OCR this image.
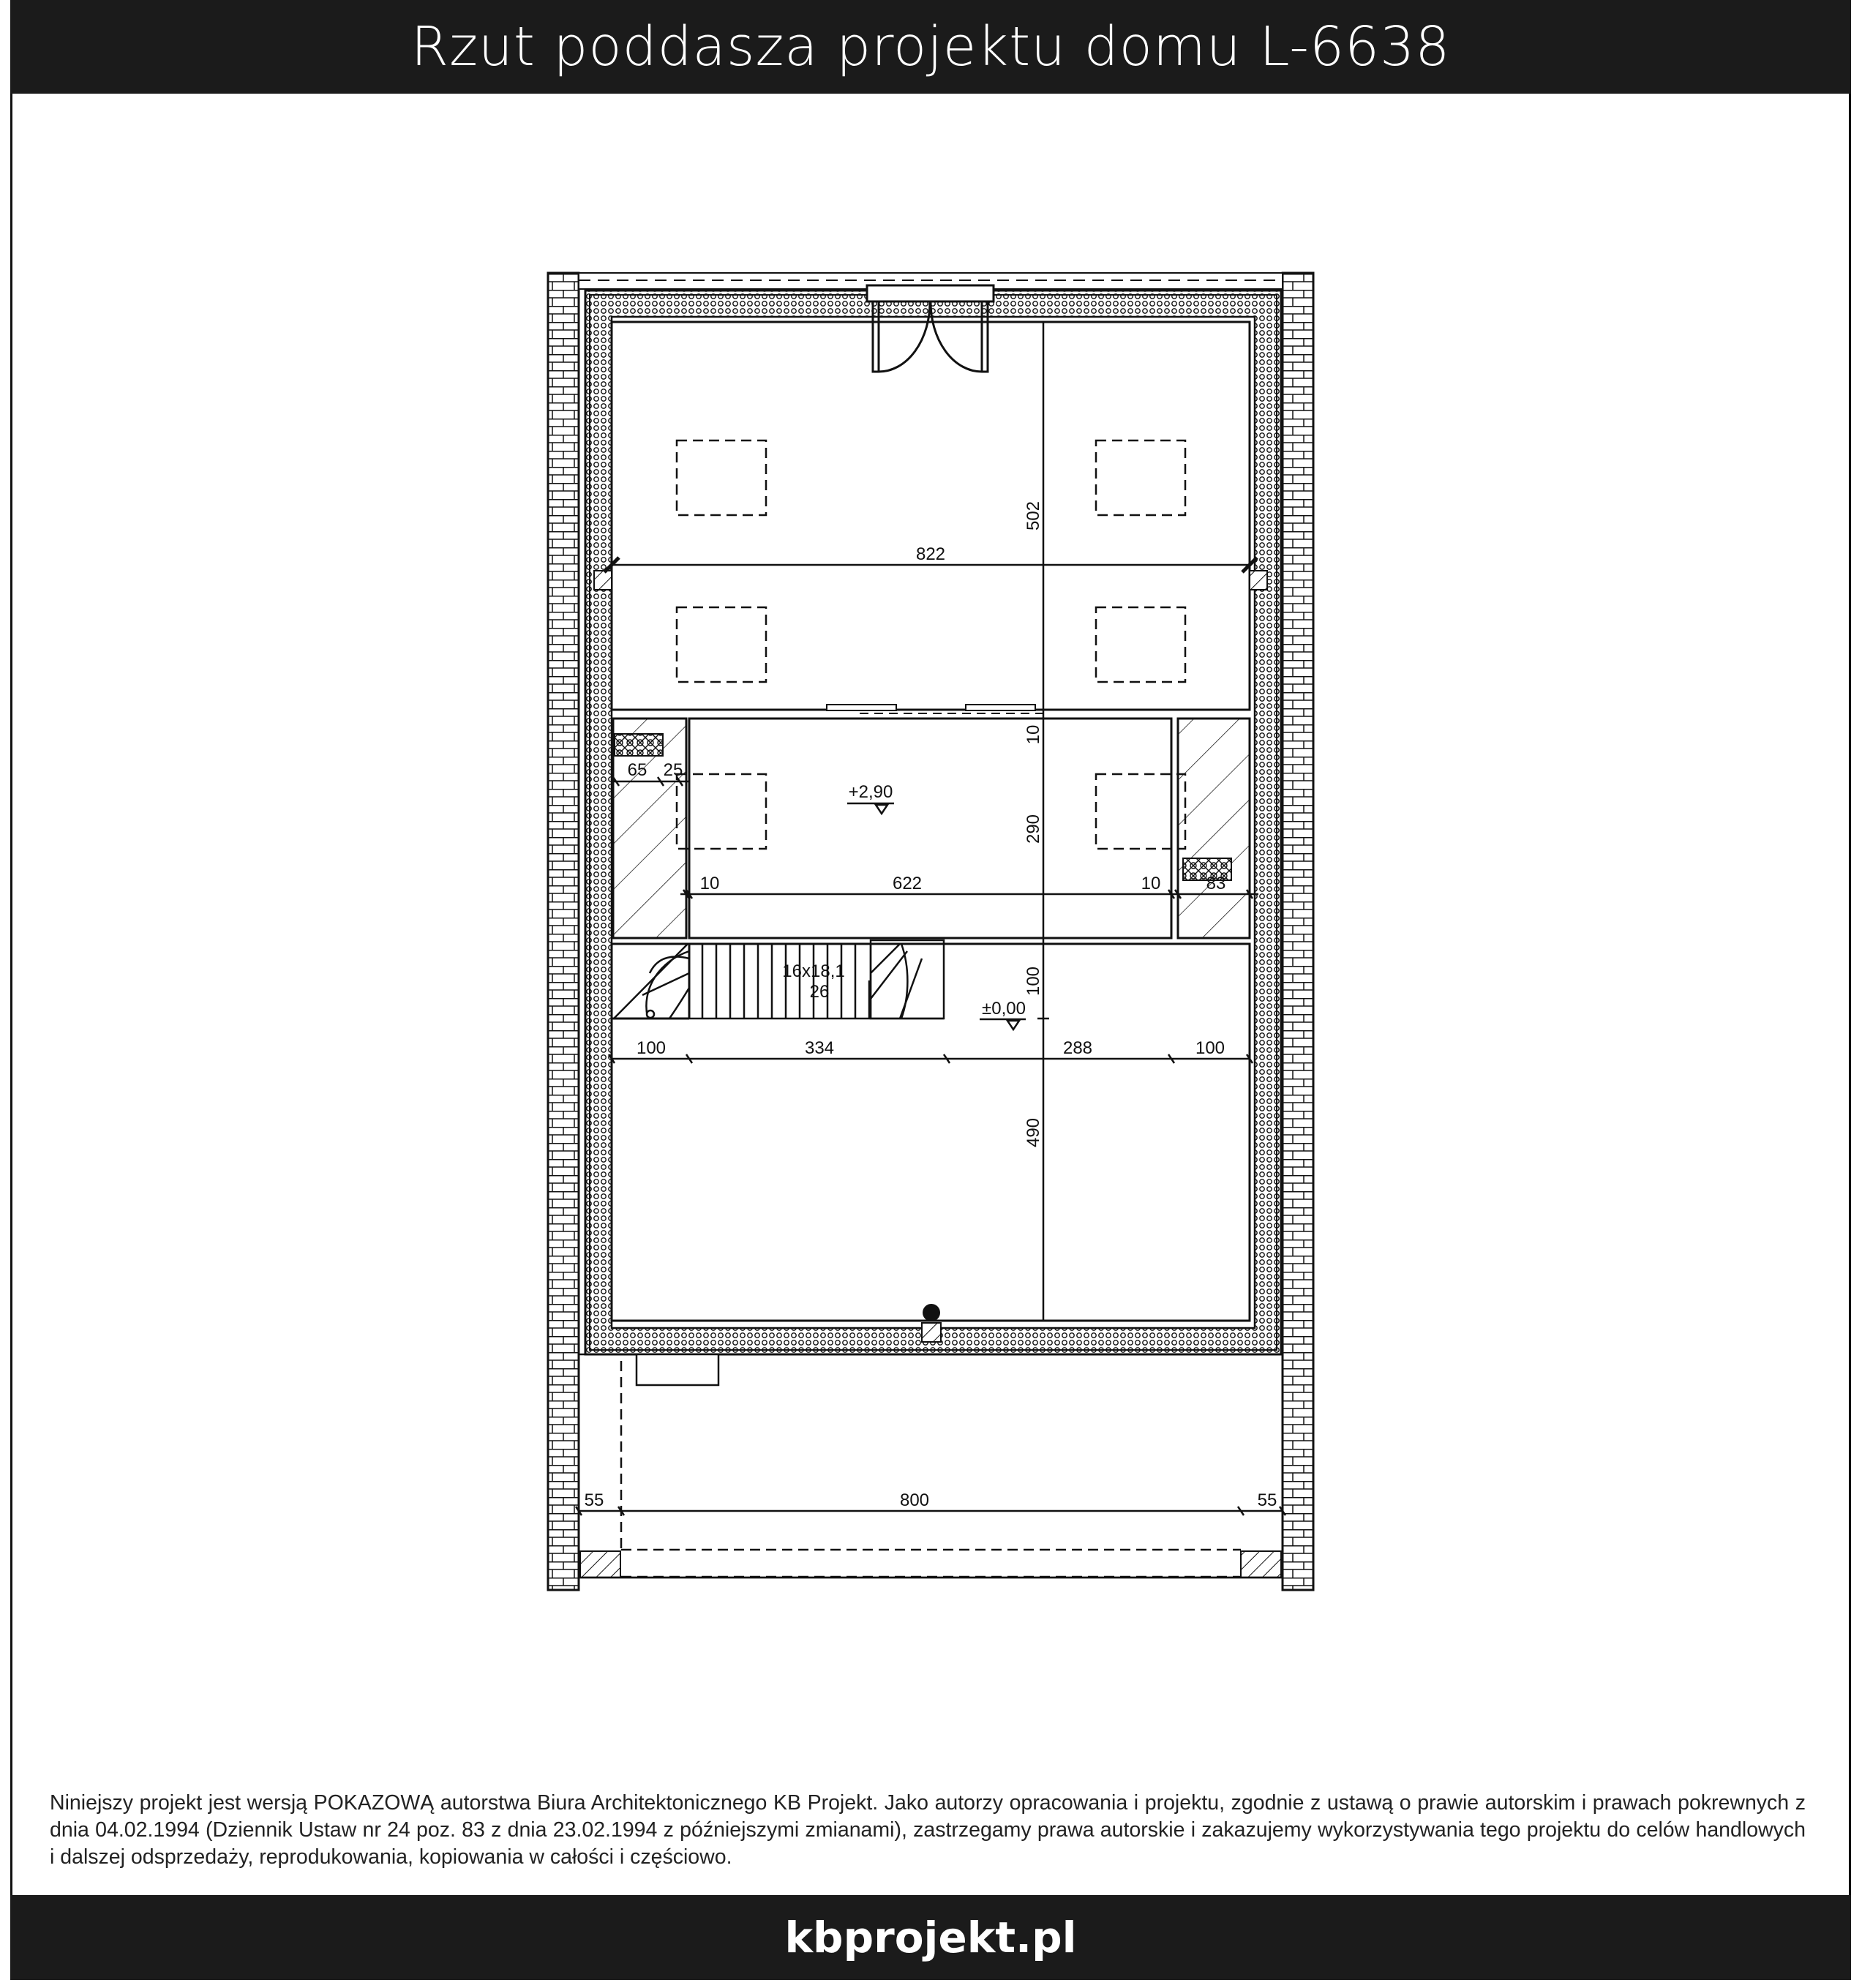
Rzut poddasza projektu domu L-6638
822
502
10
290
65 25
10	622	10	83
100
100	334	288	100
490
55	800	55
+2,90
±0,00
16x18,1
26
Niniejszy projekt jest wersją POKAZOWĄ autorstwa Biura Architektonicznego KB Projekt. Jako autorzy opracowania i projektu, zgodnie z ustawą o prawie autorskim i prawach pokrewnych z dnia 04.02.1994 (Dziennik Ustaw nr 24 poz. 83 z dnia 23.02.1994 z późniejszymi zmianami), zastrzegamy prawa autorskie i zakazujemy wykorzystywania tego projektu do celów handlowych i dalszej odsprzedaży, reprodukowania, kopiowania w całości i częściowo.
kbprojekt.pl
